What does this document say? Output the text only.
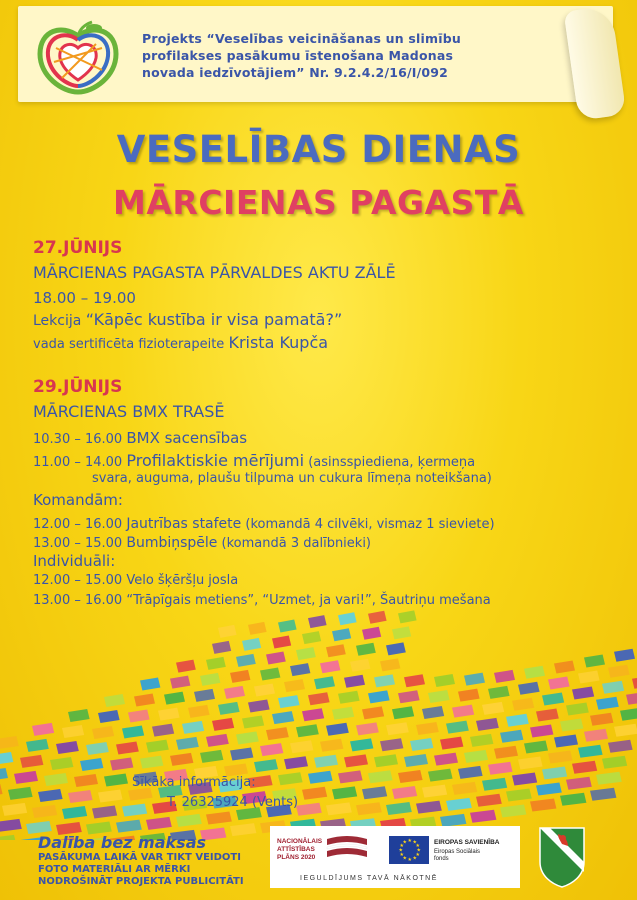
Projekts “Veselības veicināšanas un slimību
profilakses pasākumu īstenošana Madonas
novada iedzīvotājiem” Nr. 9.2.4.2/16/I/092
VESELĪBAS DIENAS
MĀRCIENAS PAGASTĀ
27.JŪNIJS
MĀRCIENAS PAGASTA PĀRVALDES AKTU ZĀLĒ
18.00 – 19.00
Lekcija “Kāpēc kustība ir visa pamatā?”
vada sertificēta fizioterapeite Krista Kupča
29.JŪNIJS
MĀRCIENAS BMX TRASĒ
10.30 – 16.00 BMX sacensības
11.00 – 14.00 Profilaktiskie mērījumi (asinsspiediena, ķermeņa
svara, auguma, plaušu tilpuma un cukura līmeņa noteikšana)
Komandām:
12.00 – 16.00 Jautrības stafete (komandā 4 cilvēki, vismaz 1 sieviete)
13.00 – 15.00 Bumbiņspēle (komandā 3 dalībnieki)
Individuāli:
12.00 – 15.00 Velo šķēršļu josla
13.00 – 16.00 “Trāpīgais metiens”, “Uzmet, ja vari!”, Šautriņu mešana
Sīkāka informācija:
T. 26325924 (Vents)
Dalība bez maksas
PASĀKUMA LAIKĀ VAR TIKT VEIDOTI
FOTO MATERIĀLI AR MĒRKI
NODROŠINĀT PROJEKTA PUBLICITĀTI
NACIONĀLAIS
ATTĪSTĪBAS
PLĀNS 2020
★ ★
★
★
★
★
★
★
★
★
★
★	EIROPAS SAVIENĪBA
Eiropas Sociālais
fonds
IEGULDĪJUMS TAVĀ NĀKOTNĒ
